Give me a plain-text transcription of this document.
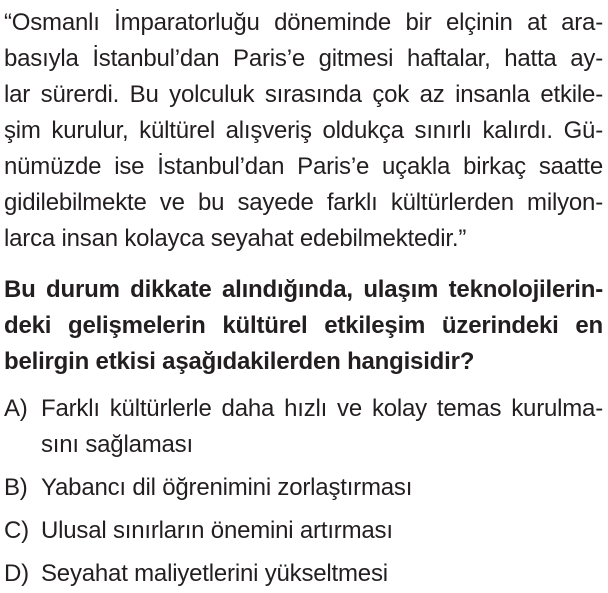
“Osmanlı İmparatorluğu döneminde bir elçinin at ara-
basıyla İstanbul’dan Paris’e gitmesi haftalar, hatta ay-
lar sürerdi. Bu yolculuk sırasında çok az insanla etkile-
şim kurulur, kültürel alışveriş oldukça sınırlı kalırdı. Gü-
nümüzde ise İstanbul’dan Paris’e uçakla birkaç saatte
gidilebilmekte ve bu sayede farklı kültürlerden milyon-
larca insan kolayca seyahat edebilmektedir.”
Bu durum dikkate alındığında, ulaşım teknolojilerin-
deki gelişmelerin kültürel etkileşim üzerindeki en
belirgin etkisi aşağıdakilerden hangisidir?
A) Farklı kültürlerle daha hızlı ve kolay temas kurulma-
sını sağlaması
B) Yabancı dil öğrenimini zorlaştırması
C) Ulusal sınırların önemini artırması
D) Seyahat maliyetlerini yükseltmesi
